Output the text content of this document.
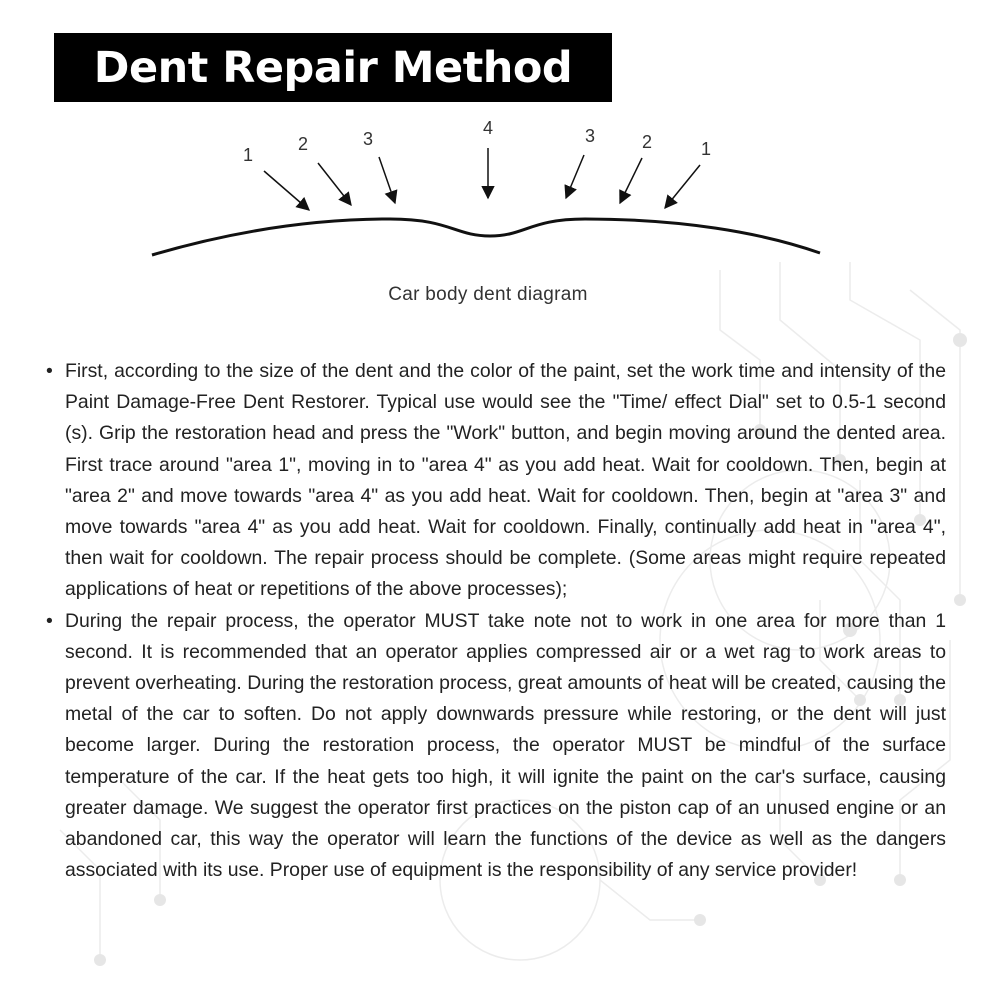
Dent Repair Method
1
2	3
4	3	2	1
Car body dent diagram

• First, according to the size of the dent and the color of the paint, set the work time and intensity of the Paint Damage-Free Dent Restorer. Typical use would see the "Time/ effect Dial" set to 0.5-1 second (s). Grip the restoration head and press the "Work" button, and begin moving around the dented area. First trace around "area 1", moving in to "area 4" as you add heat. Wait for cooldown. Then, begin at "area 2" and move towards "area 4" as you add heat. Wait for cooldown. Then, begin at "area 3" and move towards "area 4" as you add heat. Wait for cooldown. Finally, continually add heat in "area 4", then wait for cooldown. The repair process should be complete. (Some areas might require repeated applications of heat or repetitions of the above processes);

• During the repair process, the operator MUST take note not to work in one area for more than 1 second. It is recommended that an operator applies compressed air or a wet rag to work areas to prevent overheating. During the restoration process, great amounts of heat will be created, causing the metal of the car to soften. Do not apply downwards pressure while restoring, or the dent will just become larger. During the restoration process, the operator MUST be mindful of the surface temperature of the car. If the heat gets too high, it will ignite the paint on the car's surface, causing greater damage. We suggest the operator first practices on the piston cap of an unused engine or an abandoned car, this way the operator will learn the functions of the device as well as the dangers associated with its use. Proper use of equipment is the responsibility of any service provider!
